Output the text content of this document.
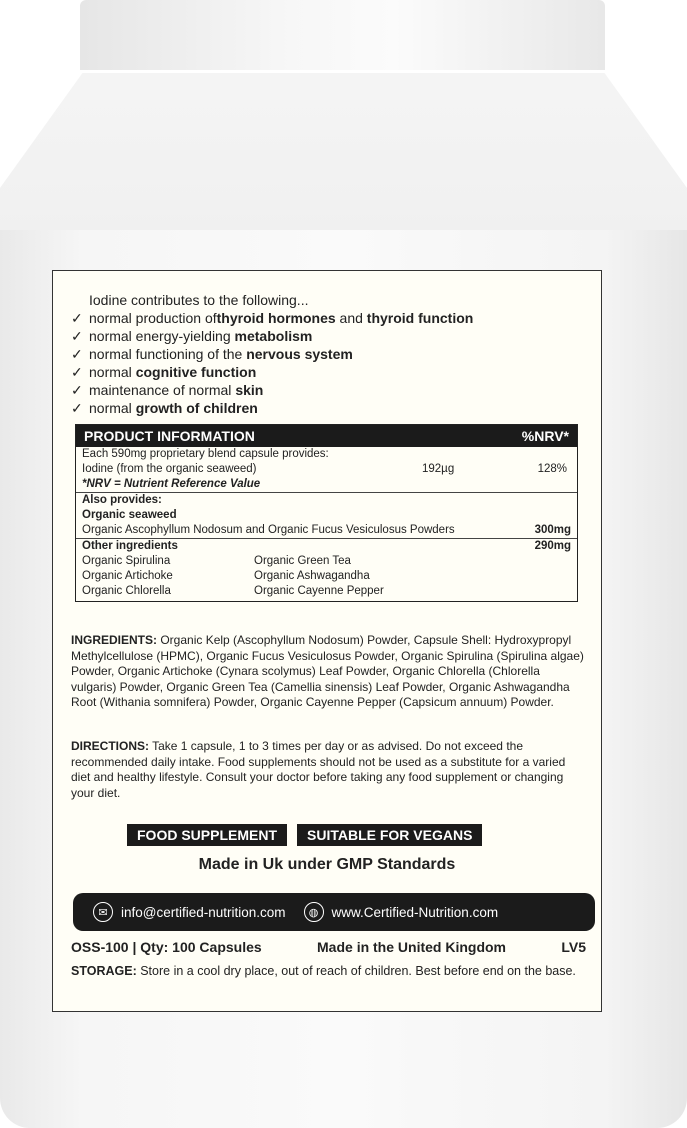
Iodine contributes to the following...
✓ normal production of thyroid hormones and thyroid function
✓ normal energy-yielding metabolism
✓ normal functioning of the nervous system
✓ normal cognitive function
✓ maintenance of normal skin
✓ normal growth of children
PRODUCT INFORMATION	%NRV*
Each 590mg proprietary blend capsule provides:
Iodine (from the organic seaweed)	192µg	128%
*NRV = Nutrient Reference Value
Also provides:
Organic seaweed
Organic Ascophyllum Nodosum and Organic Fucus Vesiculosus Powders	300mg
Other ingredients	290mg
Organic Spirulina	Organic Green Tea
Organic Artichoke	Organic Ashwagandha
Organic Chlorella	Organic Cayenne Pepper
INGREDIENTS: Organic Kelp (Ascophyllum Nodosum) Powder, Capsule Shell: Hydroxypropyl Methylcellulose (HPMC), Organic Fucus Vesiculosus Powder, Organic Spirulina (Spirulina algae) Powder, Organic Artichoke (Cynara scolymus) Leaf Powder, Organic Chlorella (Chlorella vulgaris) Powder, Organic Green Tea (Camellia sinensis) Leaf Powder, Organic Ashwagandha Root (Withania somnifera) Powder, Organic Cayenne Pepper (Capsicum annuum) Powder.
DIRECTIONS: Take 1 capsule, 1 to 3 times per day or as advised. Do not exceed the recommended daily intake. Food supplements should not be used as a substitute for a varied diet and healthy lifestyle. Consult your doctor before taking any food supplement or changing your diet.
FOOD SUPPLEMENT	SUITABLE FOR VEGANS
Made in Uk under GMP Standards
✉ info@certified-nutrition.com	◍ www.Certified-Nutrition.com
OSS-100 | Qty: 100 Capsules	Made in the United Kingdom	LV5
STORAGE: Store in a cool dry place, out of reach of children. Best before end on the base.
